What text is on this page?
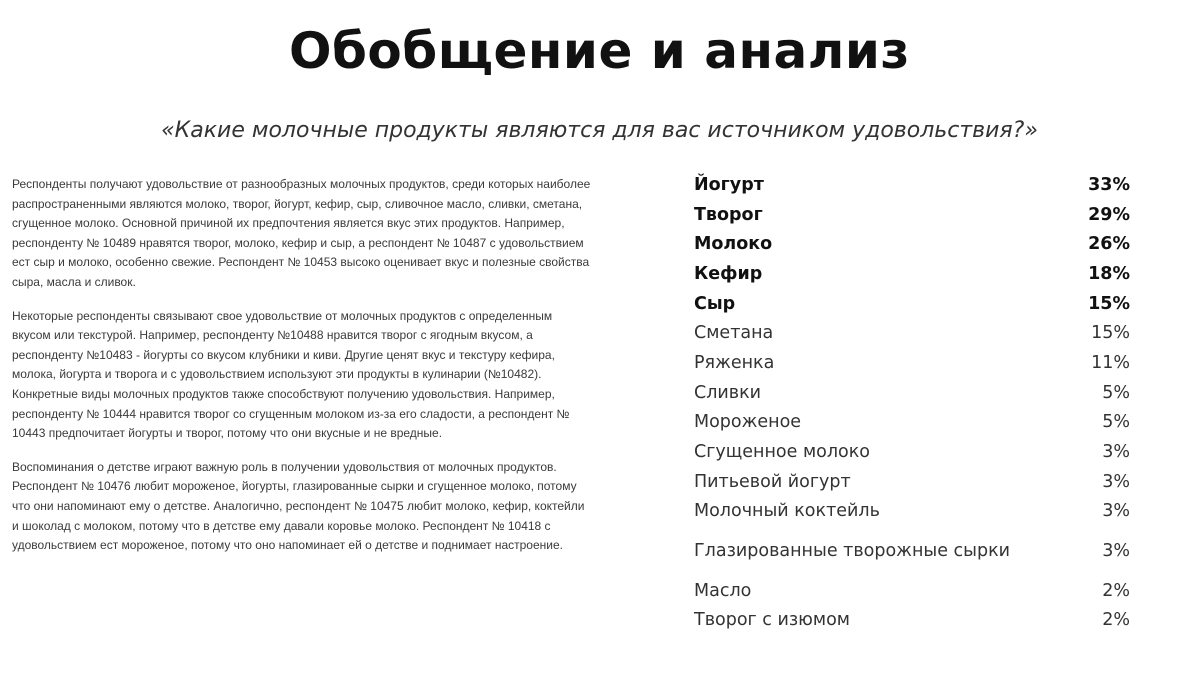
Обобщение и анализ
«Какие молочные продукты являются для вас источником удовольствия?»

Респонденты получают удовольствие от разнообразных молочных продуктов, среди которых наиболее распространенными являются молоко, творог, йогурт, кефир, сыр, сливочное масло, сливки, сметана, сгущенное молоко. Основной причиной их предпочтения является вкус этих продуктов. Например, респонденту № 10489 нравятся творог, молоко, кефир и сыр, а респондент № 10487 с удовольствием ест сыр и молоко, особенно свежие. Респондент № 10453 высоко оценивает вкус и полезные свойства сыра, масла и сливок.

Некоторые респонденты связывают свое удовольствие от молочных продуктов с определенным вкусом или текстурой. Например, респонденту №10488 нравится творог с ягодным вкусом, а респонденту №10483 - йогурты со вкусом клубники и киви. Другие ценят вкус и текстуру кефира, молока, йогурта и творога и с удовольствием используют эти продукты в кулинарии (№10482). Конкретные виды молочных продуктов также способствуют получению удовольствия. Например, респонденту № 10444 нравится творог со сгущенным молоком из-за его сладости, а респондент № 10443 предпочитает йогурты и творог, потому что они вкусные и не вредные.

Воспоминания о детстве играют важную роль в получении удовольствия от молочных продуктов. Респондент № 10476 любит мороженое, йогурты, глазированные сырки и сгущенное молоко, потому что они напоминают ему о детстве. Аналогично, респондент № 10475 любит молоко, кефир, коктейли и шоколад с молоком, потому что в детстве ему давали коровье молоко. Респондент № 10418 с удовольствием ест мороженое, потому что оно напоминает ей о детстве и поднимает настроение.

Йогурт	33%
Творог	29%
Молоко	26%
Кефир	18%
Сыр	15%
Сметана	15%
Ряженка	11%
Сливки	5%
Мороженое	5%
Сгущенное молоко	3%
Питьевой йогурт	3%
Молочный коктейль	3%
Глазированные творожные сырки	3%
Масло	2%
Творог с изюмом	2%
